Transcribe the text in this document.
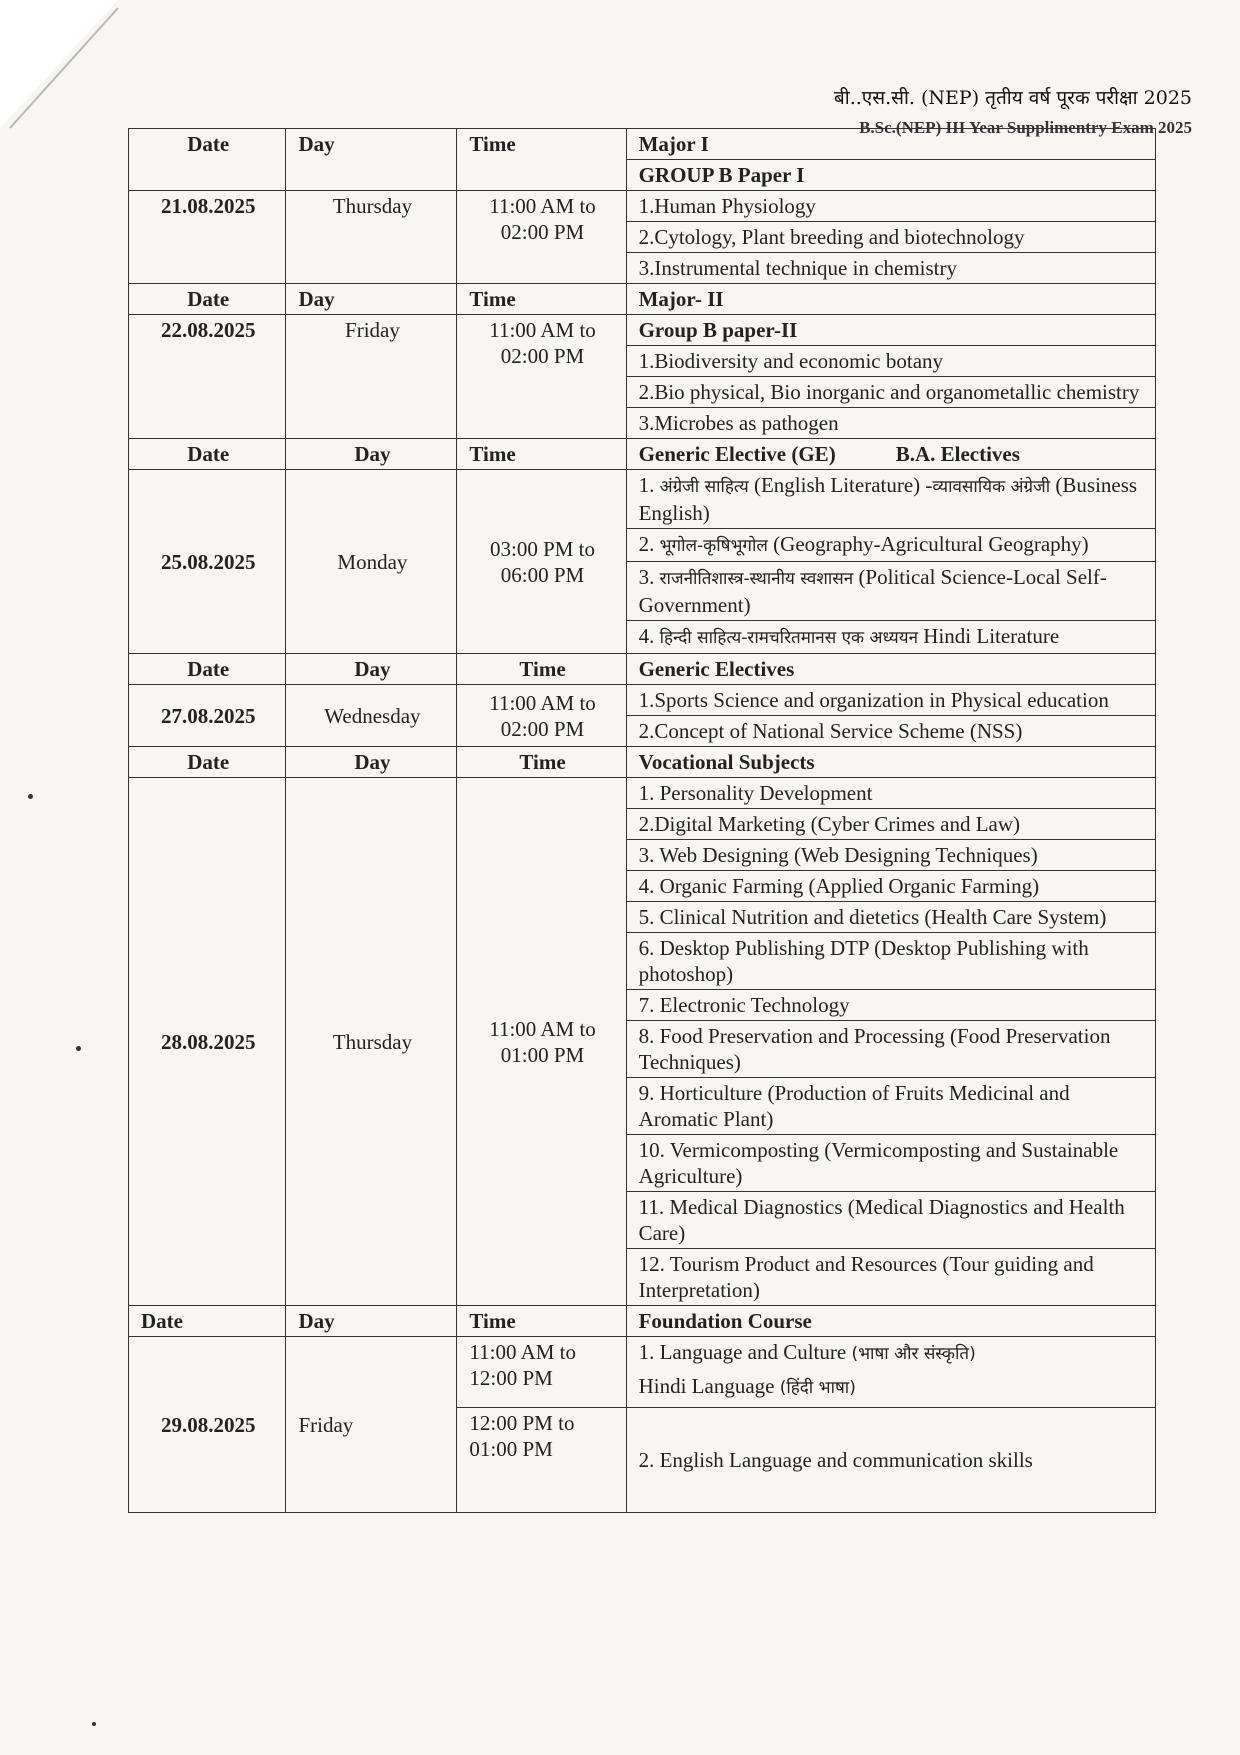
बी..एस.सी. (NEP) तृतीय वर्ष पूरक परीक्षा 2025
B.Sc.(NEP) III Year Supplimentry Exam 2025
Date	Day	Time	Major I
			GROUP B Paper I
21.08.2025	Thursday	11:00 AM to 02:00 PM	1.Human Physiology
			2.Cytology, Plant breeding and biotechnology
			3.Instrumental technique in chemistry
Date	Day	Time	Major- II
22.08.2025	Friday	11:00 AM to 02:00 PM	Group B paper-II
			1.Biodiversity and economic botany
			2.Bio physical, Bio inorganic and organometallic chemistry
			3.Microbes as pathogen
Date	Day	Time	Generic Elective (GE) B.A. Electives
25.08.2025	Monday	03:00 PM to 06:00 PM	1. अंग्रेजी साहित्य (English Literature) -व्यावसायिक अंग्रेजी (Business English)
			2. भूगोल-कृषिभूगोल (Geography-Agricultural Geography)
			3. राजनीतिशास्त्र-स्थानीय स्वशासन (Political Science-Local Self-Government)
			4. हिन्दी साहित्य-रामचरितमानस एक अध्ययन Hindi Literature
Date	Day	Time	Generic Electives
27.08.2025	Wednesday	11:00 AM to 02:00 PM	1.Sports Science and organization in Physical education
			2.Concept of National Service Scheme (NSS)
Date	Day	Time	Vocational Subjects
28.08.2025	Thursday	11:00 AM to 01:00 PM	1. Personality Development
			2.Digital Marketing (Cyber Crimes and Law)
			3. Web Designing (Web Designing Techniques)
			4. Organic Farming (Applied Organic Farming)
			5. Clinical Nutrition and dietetics (Health Care System)
			6. Desktop Publishing DTP (Desktop Publishing with photoshop)
			7. Electronic Technology
			8. Food Preservation and Processing (Food Preservation Techniques)
			9. Horticulture (Production of Fruits Medicinal and Aromatic Plant)
			10. Vermicomposting (Vermicomposting and Sustainable Agriculture)
			11. Medical Diagnostics (Medical Diagnostics and Health Care)
			12. Tourism Product and Resources (Tour guiding and Interpretation)
Date	Day	Time	Foundation Course
29.08.2025	Friday	11:00 AM to 12:00 PM	1. Language and Culture (भाषा और संस्कृति)
Hindi Language (हिंदी भाषा)
		12:00 PM to 01:00 PM	2. English Language and communication skills
